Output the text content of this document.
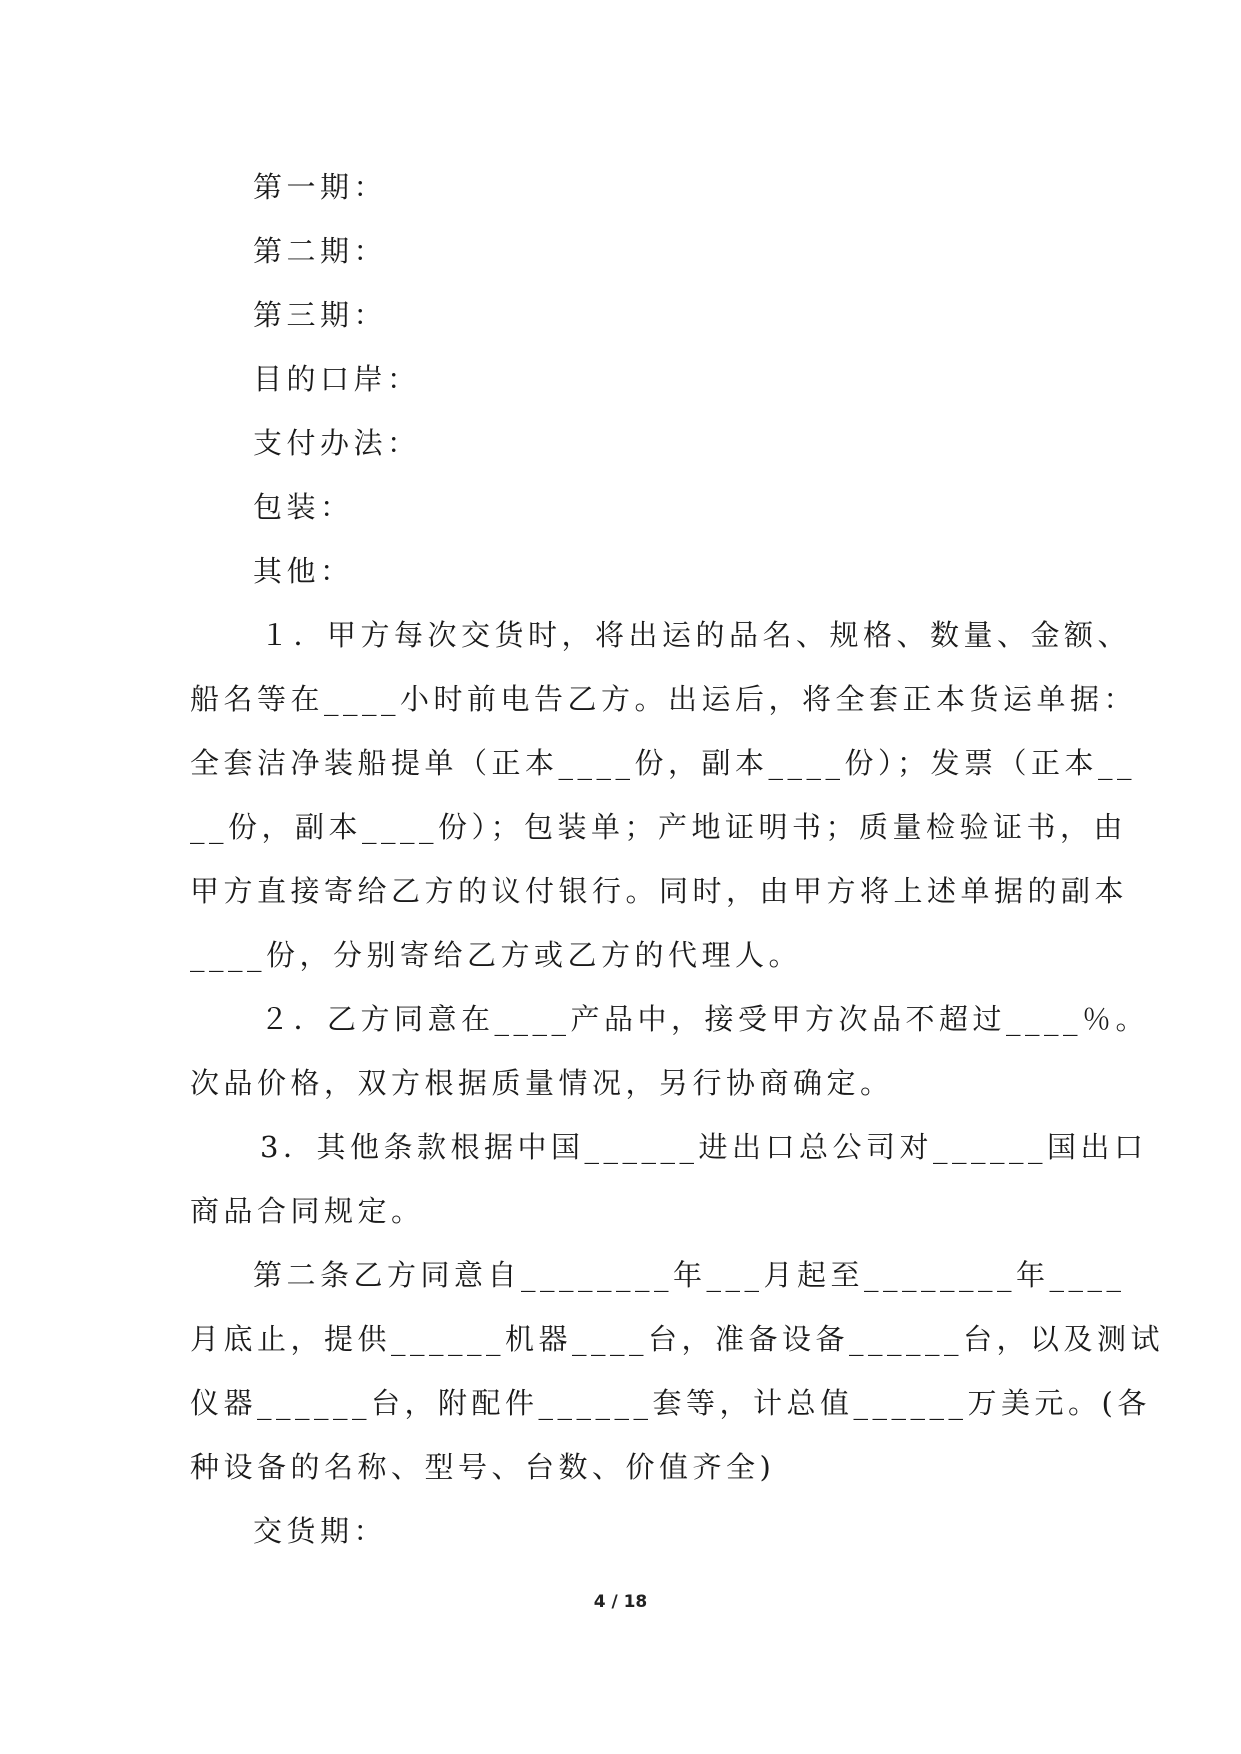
第一期：
第二期：
第三期：
目的口岸：
支付办法：
包装：
其他：
１．甲方每次交货时，将出运的品名、规格、数量、金额、
船名等在____小时前电告乙方。出运后，将全套正本货运单据：
全套洁净装船提单（正本____份，副本____份）；发票（正本__
__份，副本____份）；包装单；产地证明书；质量检验证书，由
甲方直接寄给乙方的议付银行。同时，由甲方将上述单据的副本
____份，分别寄给乙方或乙方的代理人。
２．乙方同意在____产品中，接受甲方次品不超过____％。
次品价格，双方根据质量情况，另行协商确定。
3．其他条款根据中国______进出口总公司对______国出口
商品合同规定。
第二条乙方同意自________年___月起至________年____
月底止，提供______机器____台，准备设备______台，以及测试
仪器______台，附配件______套等，计总值______万美元。(各
种设备的名称、型号、台数、价值齐全)
交货期：
4 / 18
